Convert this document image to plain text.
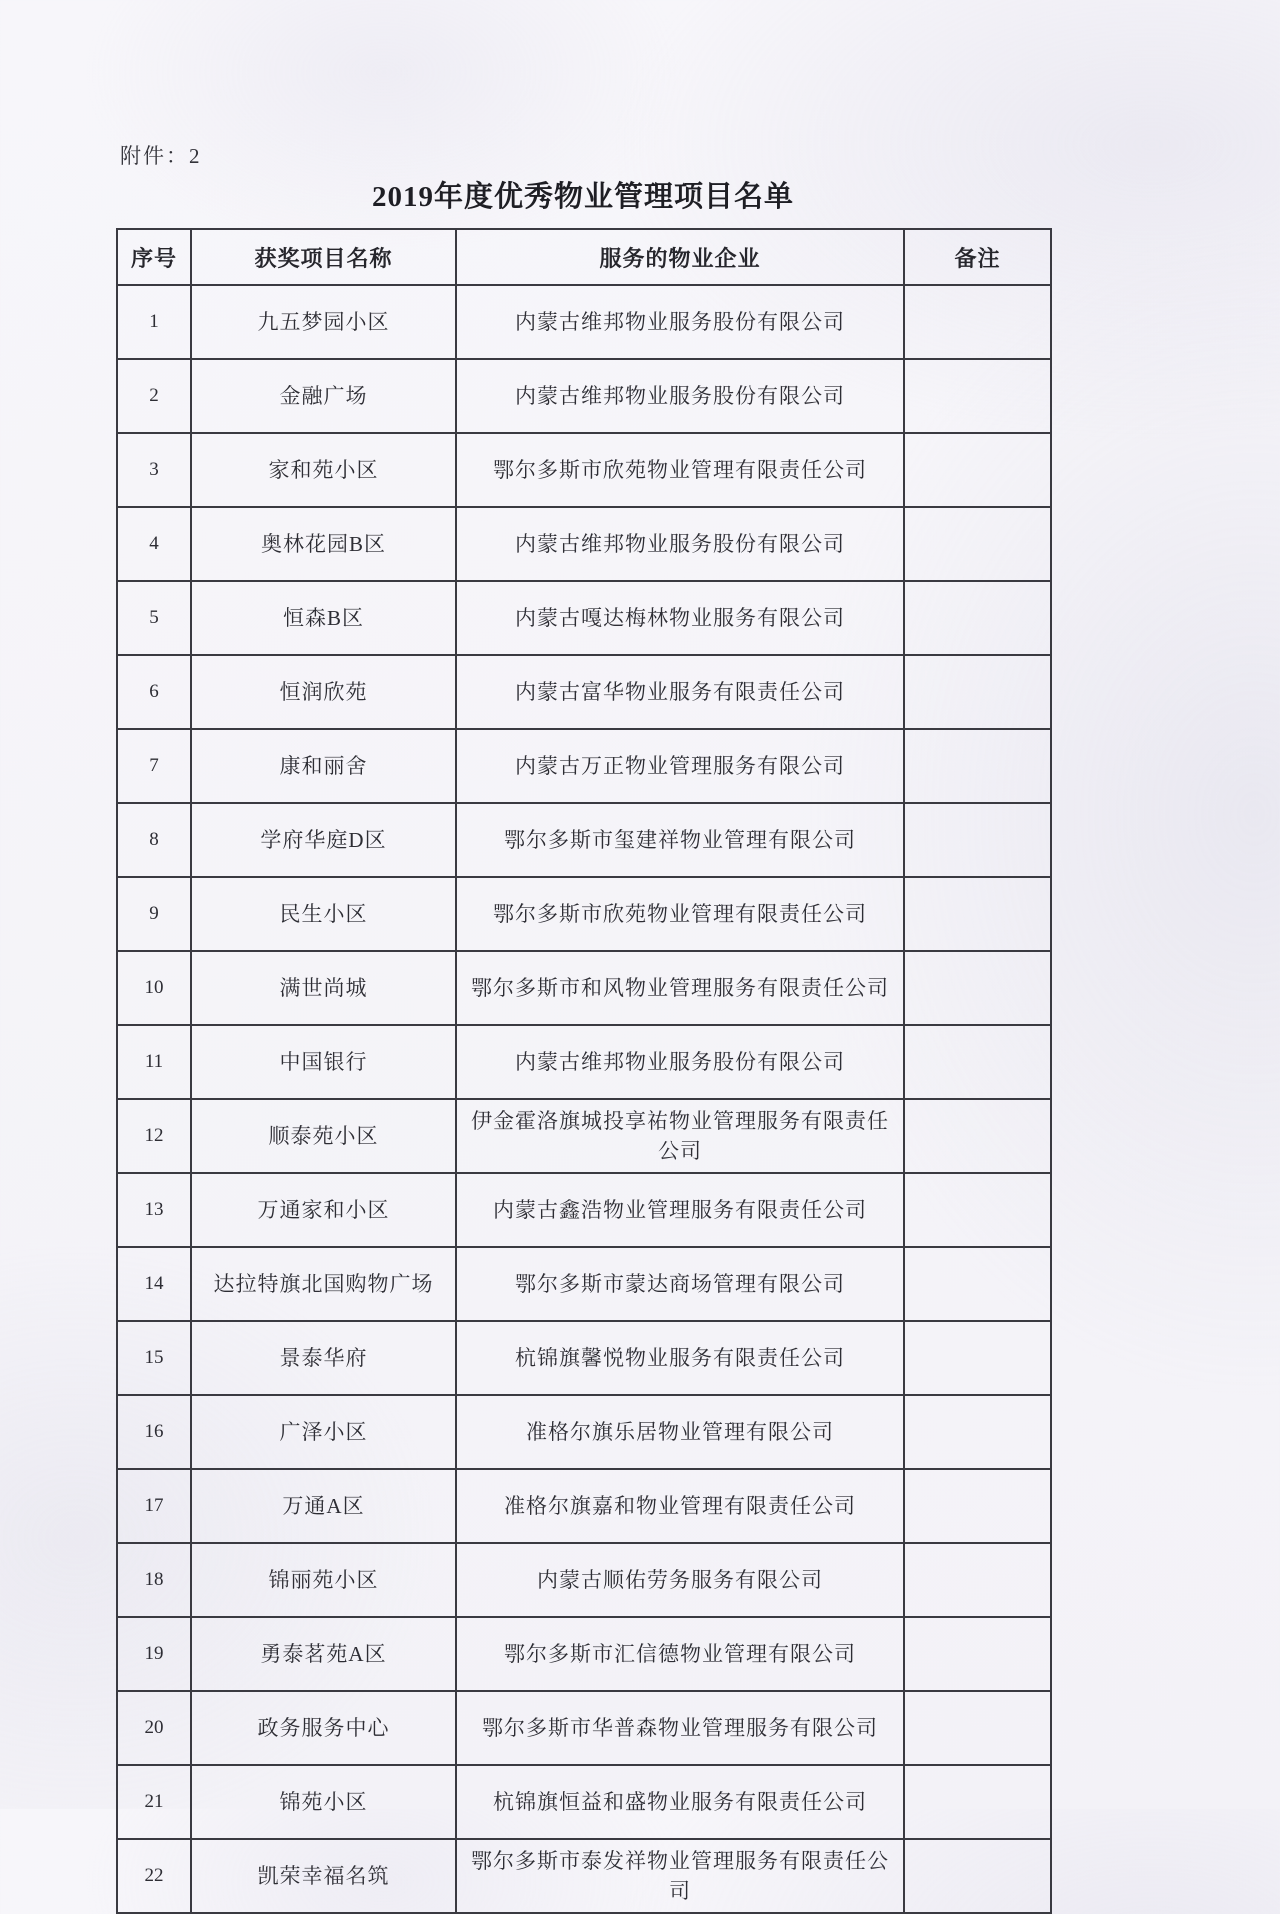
附件：2
2019年度优秀物业管理项目名单
序号	获奖项目名称	服务的物业企业	备注
1	九五梦园小区	内蒙古维邦物业服务股份有限公司	
2	金融广场	内蒙古维邦物业服务股份有限公司	
3	家和苑小区	鄂尔多斯市欣苑物业管理有限责任公司	
4	奥林花园B区	内蒙古维邦物业服务股份有限公司	
5	恒森B区	内蒙古嘎达梅林物业服务有限公司	
6	恒润欣苑	内蒙古富华物业服务有限责任公司	
7	康和丽舍	内蒙古万正物业管理服务有限公司	
8	学府华庭D区	鄂尔多斯市玺建祥物业管理有限公司	
9	民生小区	鄂尔多斯市欣苑物业管理有限责任公司	
10	满世尚城	鄂尔多斯市和风物业管理服务有限责任公司	
11	中国银行	内蒙古维邦物业服务股份有限公司	
12	顺泰苑小区	伊金霍洛旗城投享祐物业管理服务有限责任公司	
13	万通家和小区	内蒙古鑫浩物业管理服务有限责任公司	
14	达拉特旗北国购物广场	鄂尔多斯市蒙达商场管理有限公司	
15	景泰华府	杭锦旗馨悦物业服务有限责任公司	
16	广泽小区	准格尔旗乐居物业管理有限公司	
17	万通A区	准格尔旗嘉和物业管理有限责任公司	
18	锦丽苑小区	内蒙古顺佑劳务服务有限公司	
19	勇泰茗苑A区	鄂尔多斯市汇信德物业管理有限公司	
20	政务服务中心	鄂尔多斯市华普森物业管理服务有限公司	
21	锦苑小区	杭锦旗恒益和盛物业服务有限责任公司	
22	凯荣幸福名筑	鄂尔多斯市泰发祥物业管理服务有限责任公司	
